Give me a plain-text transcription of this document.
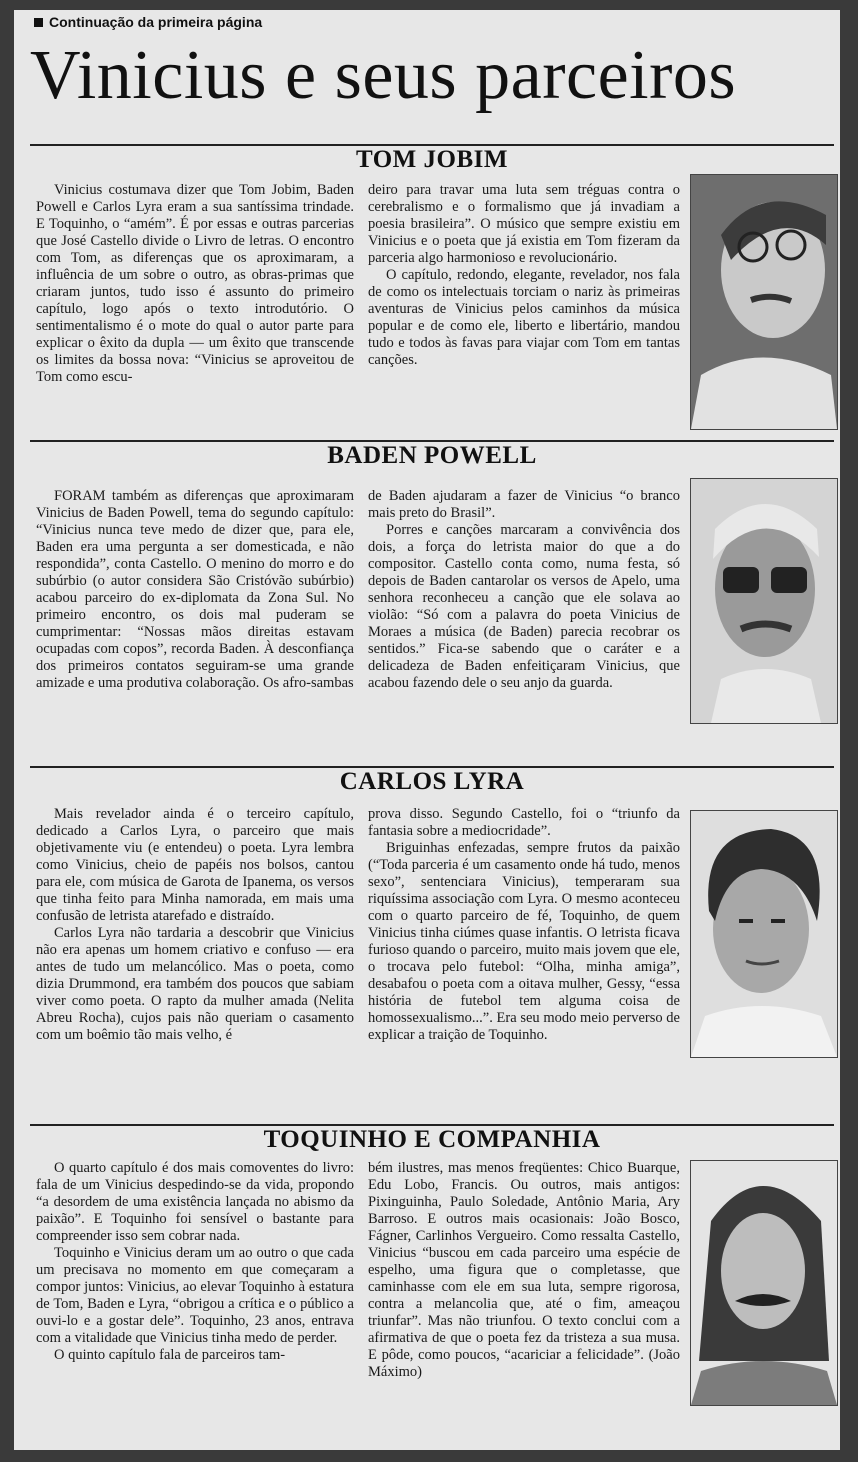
Continuação da primeira página
Vinicius e seus parceiros
TOM JOBIM

Vinicius costumava dizer que Tom Jobim, Baden Powell e Carlos Lyra eram a sua santíssima trindade. E Toquinho, o “amém”. É por essas e outras parcerias que José Castello divide o Livro de letras. O encontro com Tom, as diferenças que os aproximaram, a influência de um sobre o outro, as obras-primas que criaram juntos, tudo isso é assunto do primeiro capítulo, logo após o texto introdutório. O sentimentalismo é o mote do qual o autor parte para explicar o êxito da dupla — um êxito que transcende os limites da bossa nova: “Vinicius se aproveitou de Tom como escu-

deiro para travar uma luta sem tréguas contra o cerebralismo e o formalismo que já invadiam a poesia brasileira”. O músico que sempre existiu em Vinicius e o poeta que já existia em Tom fizeram da parceria algo harmonioso e revolucionário.

O capítulo, redondo, elegante, revelador, nos fala de como os intelectuais torciam o nariz às primeiras aventuras de Vinicius pelos caminhos da música popular e de como ele, liberto e libertário, mandou tudo e todos às favas para viajar com Tom em tantas canções.

BADEN POWELL

FORAM também as diferenças que aproximaram Vinicius de Baden Powell, tema do segundo capítulo: “Vinicius nunca teve medo de dizer que, para ele, Baden era uma pergunta a ser domesticada, e não respondida”, conta Castello. O menino do morro e do subúrbio (o autor considera São Cristóvão subúrbio) acabou parceiro do ex-diplomata da Zona Sul. No primeiro encontro, os dois mal puderam se cumprimentar: “Nossas mãos direitas estavam ocupadas com copos”, recorda Baden. À desconfiança dos primeiros contatos seguiram-se uma grande amizade e uma produtiva colaboração. Os afro-sambas

de Baden ajudaram a fazer de Vinicius “o branco mais preto do Brasil”.

Porres e canções marcaram a convivência dos dois, a força do letrista maior do que a do compositor. Castello conta como, numa festa, só depois de Baden cantarolar os versos de Apelo, uma senhora reconheceu a canção que ele solava ao violão: “Só com a palavra do poeta Vinicius de Moraes a música (de Baden) parecia recobrar os sentidos.” Fica-se sabendo que o caráter e a delicadeza de Baden enfeitiçaram Vinicius, que acabou fazendo dele o seu anjo da guarda.

CARLOS LYRA

Mais revelador ainda é o terceiro capítulo, dedicado a Carlos Lyra, o parceiro que mais objetivamente viu (e entendeu) o poeta. Lyra lembra como Vinicius, cheio de papéis nos bolsos, cantou para ele, com música de Garota de Ipanema, os versos que tinha feito para Minha namorada, em mais uma confusão de letrista atarefado e distraído.

Carlos Lyra não tardaria a descobrir que Vinicius não era apenas um homem criativo e confuso — era antes de tudo um melancólico. Mas o poeta, como dizia Drummond, era também dos poucos que sabiam viver como poeta. O rapto da mulher amada (Nelita Abreu Rocha), cujos pais não queriam o casamento com um boêmio tão mais velho, é

prova disso. Segundo Castello, foi o “triunfo da fantasia sobre a mediocridade”.

Briguinhas enfezadas, sempre frutos da paixão (“Toda parceria é um casamento onde há tudo, menos sexo”, sentenciara Vinicius), temperaram sua riquíssima associação com Lyra. O mesmo aconteceu com o quarto parceiro de fé, Toquinho, de quem Vinicius tinha ciúmes quase infantis. O letrista ficava furioso quando o parceiro, muito mais jovem que ele, o trocava pelo futebol: “Olha, minha amiga”, desabafou o poeta com a oitava mulher, Gessy, “essa história de futebol tem alguma coisa de homossexualismo...”. Era seu modo meio perverso de explicar a traição de Toquinho.

TOQUINHO E COMPANHIA

O quarto capítulo é dos mais comoventes do livro: fala de um Vinicius despedindo-se da vida, propondo “a desordem de uma existência lançada no abismo da paixão”. E Toquinho foi sensível o bastante para compreender isso sem cobrar nada.

Toquinho e Vinicius deram um ao outro o que cada um precisava no momento em que começaram a compor juntos: Vinicius, ao elevar Toquinho à estatura de Tom, Baden e Lyra, “obrigou a crítica e o público a ouvi-lo e a gostar dele”. Toquinho, 23 anos, entrava com a vitalidade que Vinicius tinha medo de perder.

O quinto capítulo fala de parceiros tam-

bém ilustres, mas menos freqüentes: Chico Buarque, Edu Lobo, Francis. Ou outros, mais antigos: Pixinguinha, Paulo Soledade, Antônio Maria, Ary Barroso. E outros mais ocasionais: João Bosco, Fágner, Carlinhos Vergueiro. Como ressalta Castello, Vinicius “buscou em cada parceiro uma espécie de espelho, uma figura que o completasse, que caminhasse com ele em sua luta, sempre rigorosa, contra a melancolia que, até o fim, ameaçou triunfar”. Mas não triunfou. O texto conclui com a afirmativa de que o poeta fez da tristeza a sua musa. E pôde, como poucos, “acariciar a felicidade”. (João Máximo)
